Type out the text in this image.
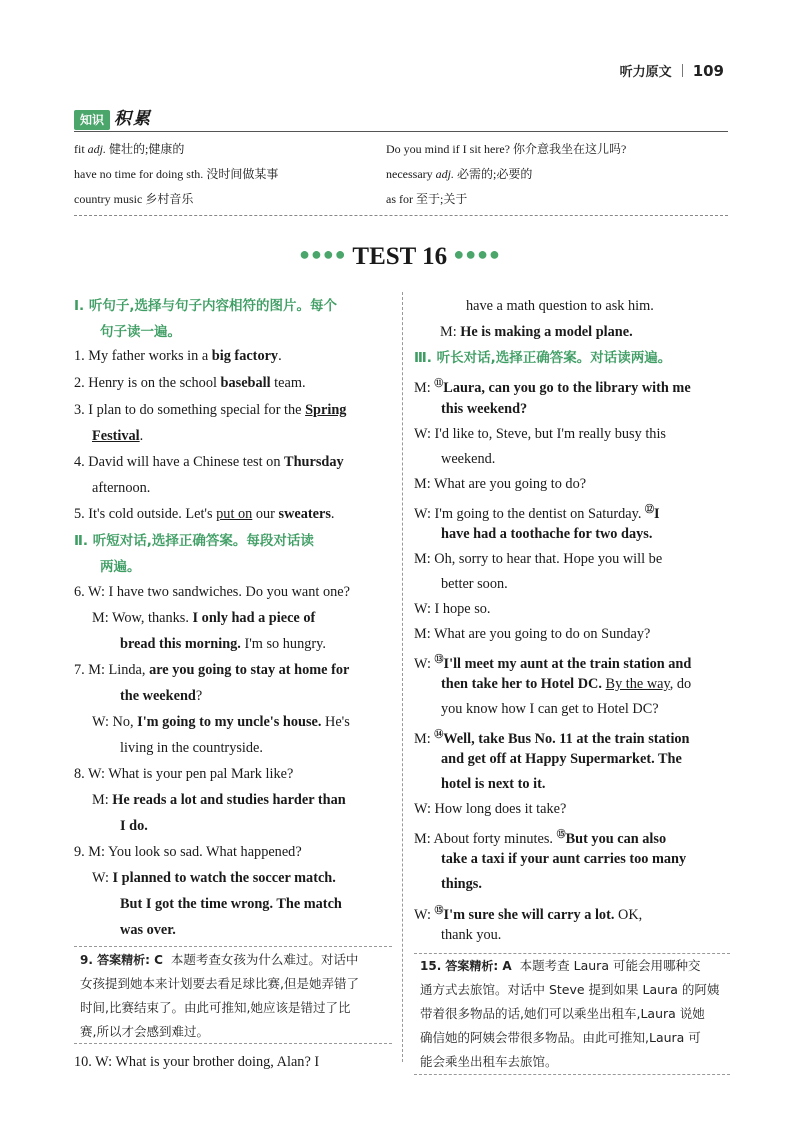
听力原文 109
知识 积累
fit adj. 健壮的;健康的
have no time for doing sth. 没时间做某事
country music 乡村音乐
Do you mind if I sit here? 你介意我坐在这儿吗?
necessary adj. 必需的;必要的
as for 至于;关于
●●●● TEST 16 ●●●●
Ⅰ. 听句子,选择与句子内容相符的图片。每个
句子读一遍。
1. My father works in a big factory.
2. Henry is on the school baseball team.
3. I plan to do something special for the Spring
Festival.
4. David will have a Chinese test on Thursday
afternoon.
5. It's cold outside. Let's put on our sweaters.
Ⅱ. 听短对话,选择正确答案。每段对话读
两遍。
6. W: I have two sandwiches. Do you want one?
M: Wow, thanks. I only had a piece of
bread this morning. I'm so hungry.
7. M: Linda, are you going to stay at home for
the weekend?
W: No, I'm going to my uncle's house. He's
living in the countryside.
8. W: What is your pen pal Mark like?
M: He reads a lot and studies harder than
I do.
9. M: You look so sad. What happened?
W: I planned to watch the soccer match.
But I got the time wrong. The match
was over.
9. 答案精析: C 本题考查女孩为什么难过。对话中
女孩提到她本来计划要去看足球比赛,但是她弄错了
时间,比赛结束了。由此可推知,她应该是错过了比
赛,所以才会感到难过。
10. W: What is your brother doing, Alan? I
have a math question to ask him.
M: He is making a model plane.
Ⅲ. 听长对话,选择正确答案。对话读两遍。
M: ⑪Laura, can you go to the library with me
this weekend?
W: I'd like to, Steve, but I'm really busy this
weekend.
M: What are you going to do?
W: I'm going to the dentist on Saturday. ⑫I
have had a toothache for two days.
M: Oh, sorry to hear that. Hope you will be
better soon.
W: I hope so.
M: What are you going to do on Sunday?
W: ⑬I'll meet my aunt at the train station and
then take her to Hotel DC. By the way, do
you know how I can get to Hotel DC?
M: ⑭Well, take Bus No. 11 at the train station
and get off at Happy Supermarket. The
hotel is next to it.
W: How long does it take?
M: About forty minutes. ⑮But you can also
take a taxi if your aunt carries too many
things.
W: ⑮I'm sure she will carry a lot. OK,
thank you.
15. 答案精析: A 本题考查 Laura 可能会用哪种交
通方式去旅馆。对话中 Steve 提到如果 Laura 的阿姨
带着很多物品的话,她们可以乘坐出租车,Laura 说她
确信她的阿姨会带很多物品。由此可推知,Laura 可
能会乘坐出租车去旅馆。
